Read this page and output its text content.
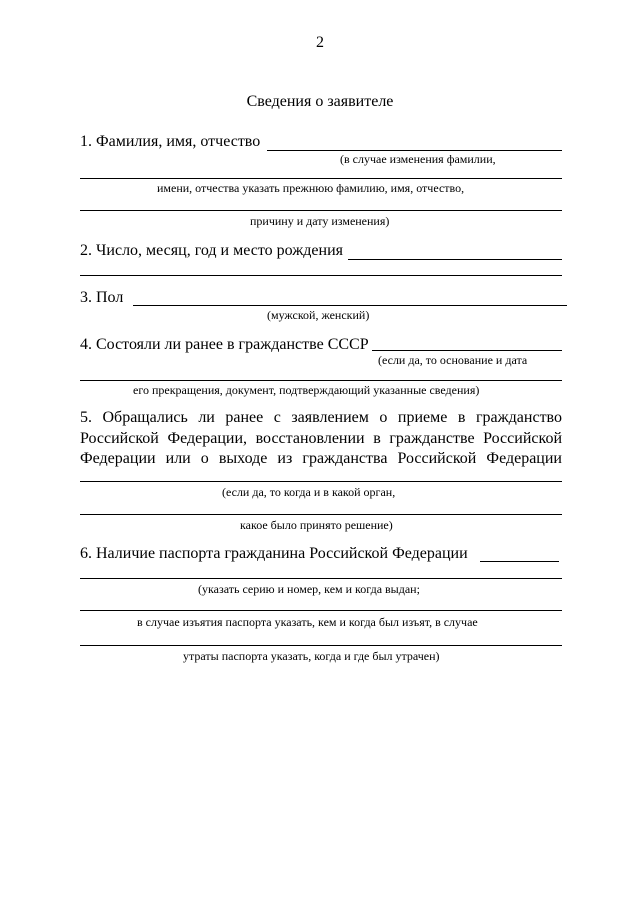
2
Сведения о заявителе
1. Фамилия, имя, отчество
(в случае изменения фамилии,
имени, отчества указать прежнюю фамилию, имя, отчество,
причину и дату изменения)
2. Число, месяц, год и место рождения
3. Пол
(мужской, женский)
4. Состояли ли ранее в гражданстве СССР
(если да, то основание и дата
его прекращения, документ, подтверждающий указанные сведения)
5. Обращались ли ранее с заявлением о приеме в гражданство
Российской Федерации, восстановлении в гражданстве Российской
Федерации или о выходе из гражданства Российской Федерации
(если да, то когда и в какой орган,
какое было принято решение)
6. Наличие паспорта гражданина Российской Федерации
(указать серию и номер, кем и когда выдан;
в случае изъятия паспорта указать, кем и когда был изъят, в случае
утраты паспорта указать, когда и где был утрачен)
